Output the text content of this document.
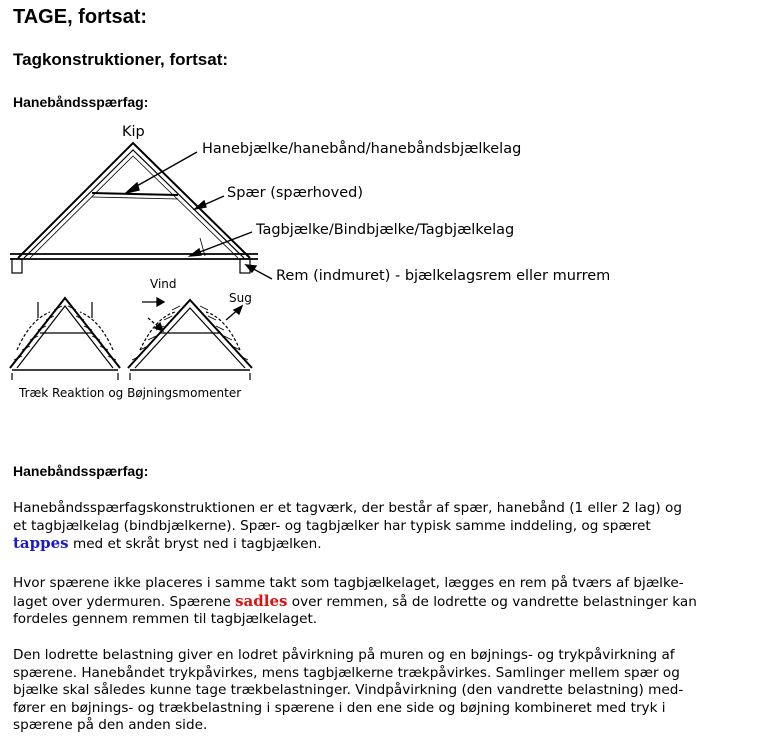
TAGE, fortsat:
Tagkonstruktioner, fortsat:
Hanebåndsspærfag:
Kip
Hanebjælke/hanebånd/hanebåndsbjælkelag
Spær (spærhoved)
Tagbjælke/Bindbjælke/Tagbjælkelag
Rem (indmuret) - bjælkelagsrem eller murrem
Vind
Sug
Træk Reaktion og Bøjningsmomenter
Hanebåndsspærfag:
Hanebåndsspærfagskonstruktionen er et tagværk, der består af spær, hanebånd (1 eller 2 lag) og
et tagbjælkelag (bindbjælkerne). Spær- og tagbjælker har typisk samme inddeling, og spæret
tappes med et skråt bryst ned i tagbjælken.
Hvor spærene ikke placeres i samme takt som tagbjælkelaget, lægges en rem på tværs af bjælke-
laget over ydermuren. Spærene sadles over remmen, så de lodrette og vandrette belastninger kan
fordeles gennem remmen til tagbjælkelaget.
Den lodrette belastning giver en lodret påvirkning på muren og en bøjnings- og trykpåvirkning af
spærene. Hanebåndet trykpåvirkes, mens tagbjælkerne trækpåvirkes. Samlinger mellem spær og
bjælke skal således kunne tage trækbelastninger. Vindpåvirkning (den vandrette belastning) med-
fører en bøjnings- og trækbelastning i spærene i den ene side og bøjning kombineret med tryk i
spærene på den anden side.
